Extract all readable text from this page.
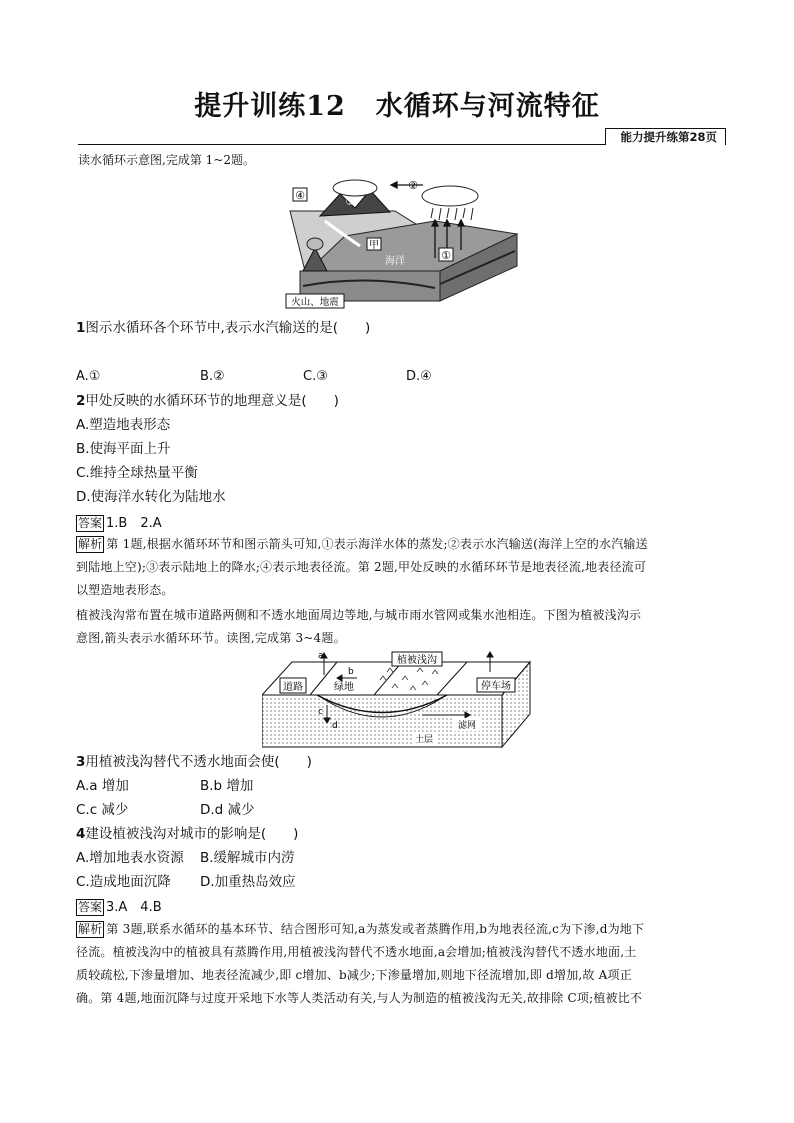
提升训练12 水循环与河流特征
能力提升练第28页
读水循环示意图,完成第 1~2题。
④
②
③
①
甲
海洋
火山、地震
1图示水循环各个环节中,表示水汽输送的是(　　)
A.①	B.②	C.③	D.④
2甲处反映的水循环环节的地理意义是(　　)
A.塑造地表形态
B.使海平面上升
C.维持全球热量平衡
D.使海洋水转化为陆地水
答案 1.B　2.A
解析 第 1题,根据水循环环节和图示箭头可知,①表示海洋水体的蒸发;②表示水汽输送(海洋上空的水汽输送
到陆地上空);③表示陆地上的降水;④表示地表径流。第 2题,甲处反映的水循环环节是地表径流,地表径流可
以塑造地表形态。
植被浅沟常布置在城市道路两侧和不透水地面周边等地,与城市雨水管网或集水池相连。下图为植被浅沟示
意图,箭头表示水循环环节。读图,完成第 3~4题。
道路	绿地
植被浅沟
停车场
a
b
c
d	滤网
土层
3用植被浅沟替代不透水地面会使(　　)
A.a 增加	B.b 增加
C.c 减少	D.d 减少
4建设植被浅沟对城市的影响是(　　)
A.增加地表水资源 B.缓解城市内涝
C.造成地面沉降 D.加重热岛效应
答案 3.A　4.B
解析 第 3题,联系水循环的基本环节、结合图形可知,a为蒸发或者蒸腾作用,b为地表径流,c为下渗,d为地下
径流。植被浅沟中的植被具有蒸腾作用,用植被浅沟替代不透水地面,a会增加;植被浅沟替代不透水地面,土
质较疏松,下渗量增加、地表径流减少,即 c增加、b减少;下渗量增加,则地下径流增加,即 d增加,故 A项正
确。第 4题,地面沉降与过度开采地下水等人类活动有关,与人为制造的植被浅沟无关,故排除 C项;植被比不
